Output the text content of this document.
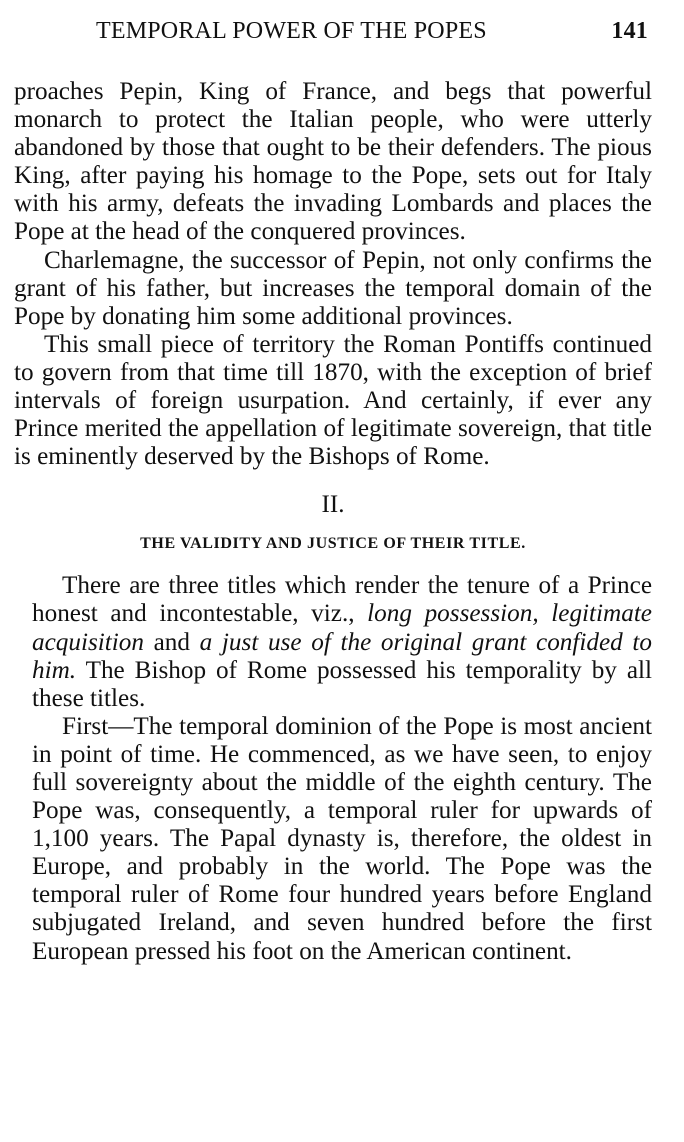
TEMPORAL POWER OF THE POPES	141

proaches Pepin, King of France, and begs that powerful monarch to protect the Italian people, who were utterly abandoned by those that ought to be their defenders. The pious King, after paying his homage to the Pope, sets out for Italy with his army, defeats the invading Lombards and places the Pope at the head of the conquered provinces.

Charlemagne, the successor of Pepin, not only confirms the grant of his father, but increases the temporal domain of the Pope by donating him some additional provinces.

This small piece of territory the Roman Pontiffs continued to govern from that time till 1870, with the exception of brief intervals of foreign usurpation. And certainly, if ever any Prince merited the appellation of legitimate sovereign, that title is eminently deserved by the Bishops of Rome.

II.
THE VALIDITY AND JUSTICE OF THEIR TITLE.

There are three titles which render the tenure of a Prince honest and incontestable, viz., long possession, legitimate acquisition and a just use of the original grant confided to him. The Bishop of Rome possessed his temporality by all these titles.

First—The temporal dominion of the Pope is most ancient in point of time. He commenced, as we have seen, to enjoy full sovereignty about the middle of the eighth century. The Pope was, consequently, a temporal ruler for upwards of 1,100 years. The Papal dynasty is, therefore, the oldest in Europe, and probably in the world. The Pope was the temporal ruler of Rome four hundred years before England subjugated Ireland, and seven hundred before the first European pressed his foot on the American continent.
